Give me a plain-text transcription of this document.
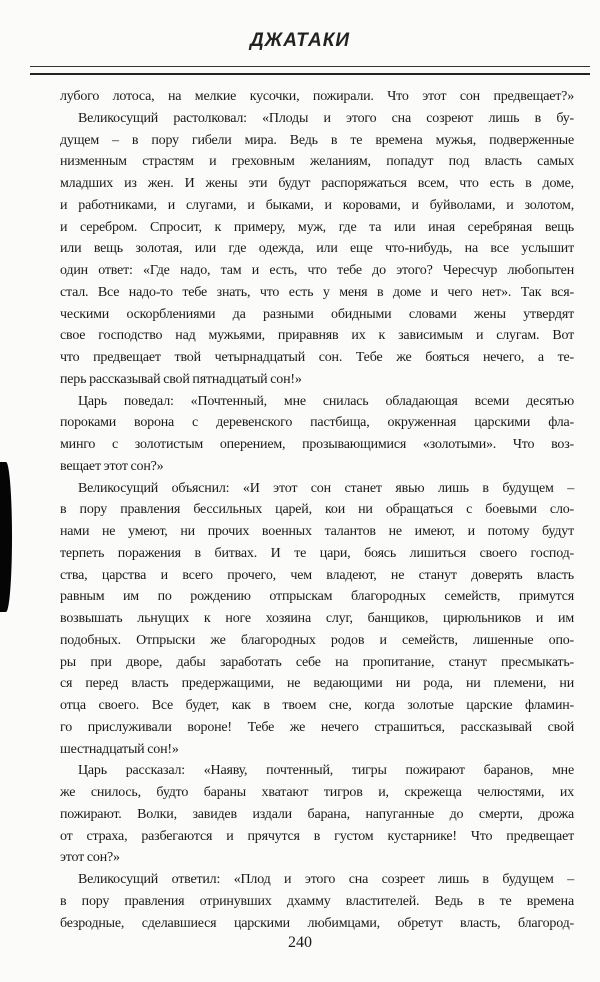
ДЖАТАКИ
лубого лотоса, на мелкие кусочки, пожирали. Что этот сон предвещает?»
Великосущий растолковал: «Плоды и этого сна созреют лишь в бу-
дущем – в пору гибели мира. Ведь в те времена мужья, подверженные
низменным страстям и греховным желаниям, попадут под власть самых
младших из жен. И жены эти будут распоряжаться всем, что есть в доме,
и работниками, и слугами, и быками, и коровами, и буйволами, и золотом,
и серебром. Спросит, к примеру, муж, где та или иная серебряная вещь
или вещь золотая, или где одежда, или еще что-нибудь, на все услышит
один ответ: «Где надо, там и есть, что тебе до этого? Чересчур любопытен
стал. Все надо-то тебе знать, что есть у меня в доме и чего нет». Так вся-
ческими оскорблениями да разными обидными словами жены утвердят
свое господство над мужьями, приравняв их к зависимым и слугам. Вот
что предвещает твой четырнадцатый сон. Тебе же бояться нечего, а те-
перь рассказывай свой пятнадцатый сон!»
Царь поведал: «Почтенный, мне снилась обладающая всеми десятью
пороками ворона с деревенского пастбища, окруженная царскими фла-
минго с золотистым оперением, прозывающимися «золотыми». Что воз-
вещает этот сон?»
Великосущий объяснил: «И этот сон станет явью лишь в будущем –
в пору правления бессильных царей, кои ни обращаться с боевыми сло-
нами не умеют, ни прочих военных талантов не имеют, и потому будут
терпеть поражения в битвах. И те цари, боясь лишиться своего господ-
ства, царства и всего прочего, чем владеют, не станут доверять власть
равным им по рождению отпрыскам благородных семейств, примутся
возвышать льнущих к ноге хозяина слуг, банщиков, цирюльников и им
подобных. Отпрыски же благородных родов и семейств, лишенные опо-
ры при дворе, дабы заработать себе на пропитание, станут пресмыкать-
ся перед власть предержащими, не ведающими ни рода, ни племени, ни
отца своего. Все будет, как в твоем сне, когда золотые царские фламин-
го прислуживали вороне! Тебе же нечего страшиться, рассказывай свой
шестнадцатый сон!»
Царь рассказал: «Наяву, почтенный, тигры пожирают баранов, мне
же снилось, будто бараны хватают тигров и, скрежеща челюстями, их
пожирают. Волки, завидев издали барана, напуганные до смерти, дрожа
от страха, разбегаются и прячутся в густом кустарнике! Что предвещает
этот сон?»
Великосущий ответил: «Плод и этого сна созреет лишь в будущем –
в пору правления отринувших дхамму властителей. Ведь в те времена
безродные, сделавшиеся царскими любимцами, обретут власть, благород-
240
